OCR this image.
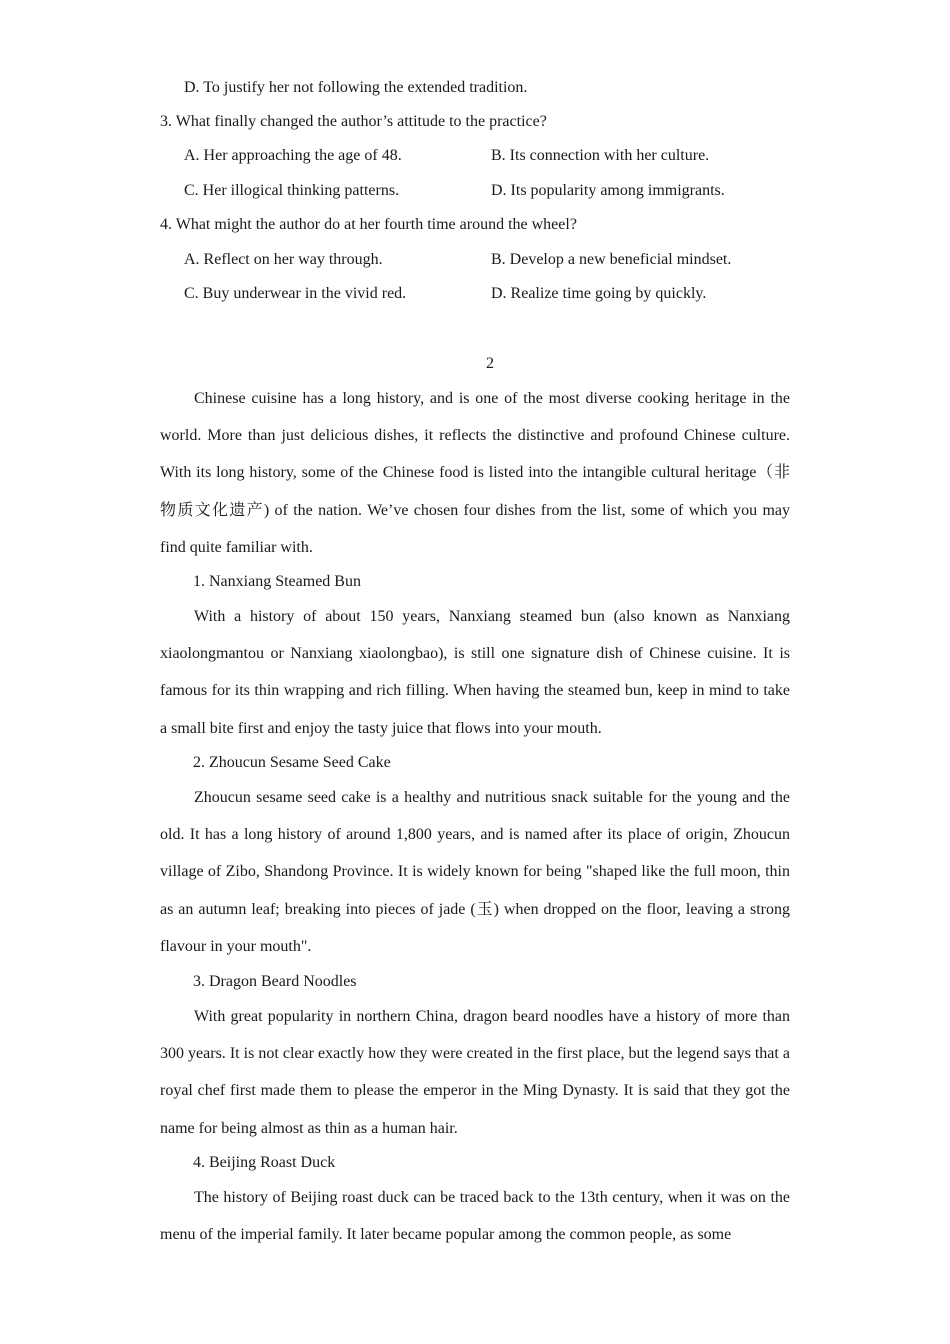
D. To justify her not following the extended tradition.
3. What finally changed the author’s attitude to the practice?
A. Her approaching the age of 48.	B. Its connection with her culture.
C. Her illogical thinking patterns.	D. Its popularity among immigrants.
4. What might the author do at her fourth time around the wheel?
A. Reflect on her way through.	B. Develop a new beneficial mindset.
C. Buy underwear in the vivid red.	D. Realize time going by quickly.
2

Chinese cuisine has a long history, and is one of the most diverse cooking heritage in the world. More than just delicious dishes, it reflects the distinctive and profound Chinese culture. With its long history, some of the Chinese food is listed into the intangible cultural heritage（非物质文化遗产) of the nation. We’ve chosen four dishes from the list, some of which you may find quite familiar with.

1. Nanxiang Steamed Bun

With a history of about 150 years, Nanxiang steamed bun (also known as Nanxiang xiaolongmantou or Nanxiang xiaolongbao), is still one signature dish of Chinese cuisine. It is famous for its thin wrapping and rich filling. When having the steamed bun, keep in mind to take a small bite first and enjoy the tasty juice that flows into your mouth.

2. Zhoucun Sesame Seed Cake

Zhoucun sesame seed cake is a healthy and nutritious snack suitable for the young and the old. It has a long history of around 1,800 years, and is named after its place of origin, Zhoucun village of Zibo, Shandong Province. It is widely known for being "shaped like the full moon, thin as an autumn leaf; breaking into pieces of jade (玉) when dropped on the floor, leaving a strong flavour in your mouth".

3. Dragon Beard Noodles

With great popularity in northern China, dragon beard noodles have a history of more than 300 years. It is not clear exactly how they were created in the first place, but the legend says that a royal chef first made them to please the emperor in the Ming Dynasty. It is said that they got the name for being almost as thin as a human hair.

4. Beijing Roast Duck

The history of Beijing roast duck can be traced back to the 13th century, when it was on the menu of the imperial family. It later became popular among the common people, as some
